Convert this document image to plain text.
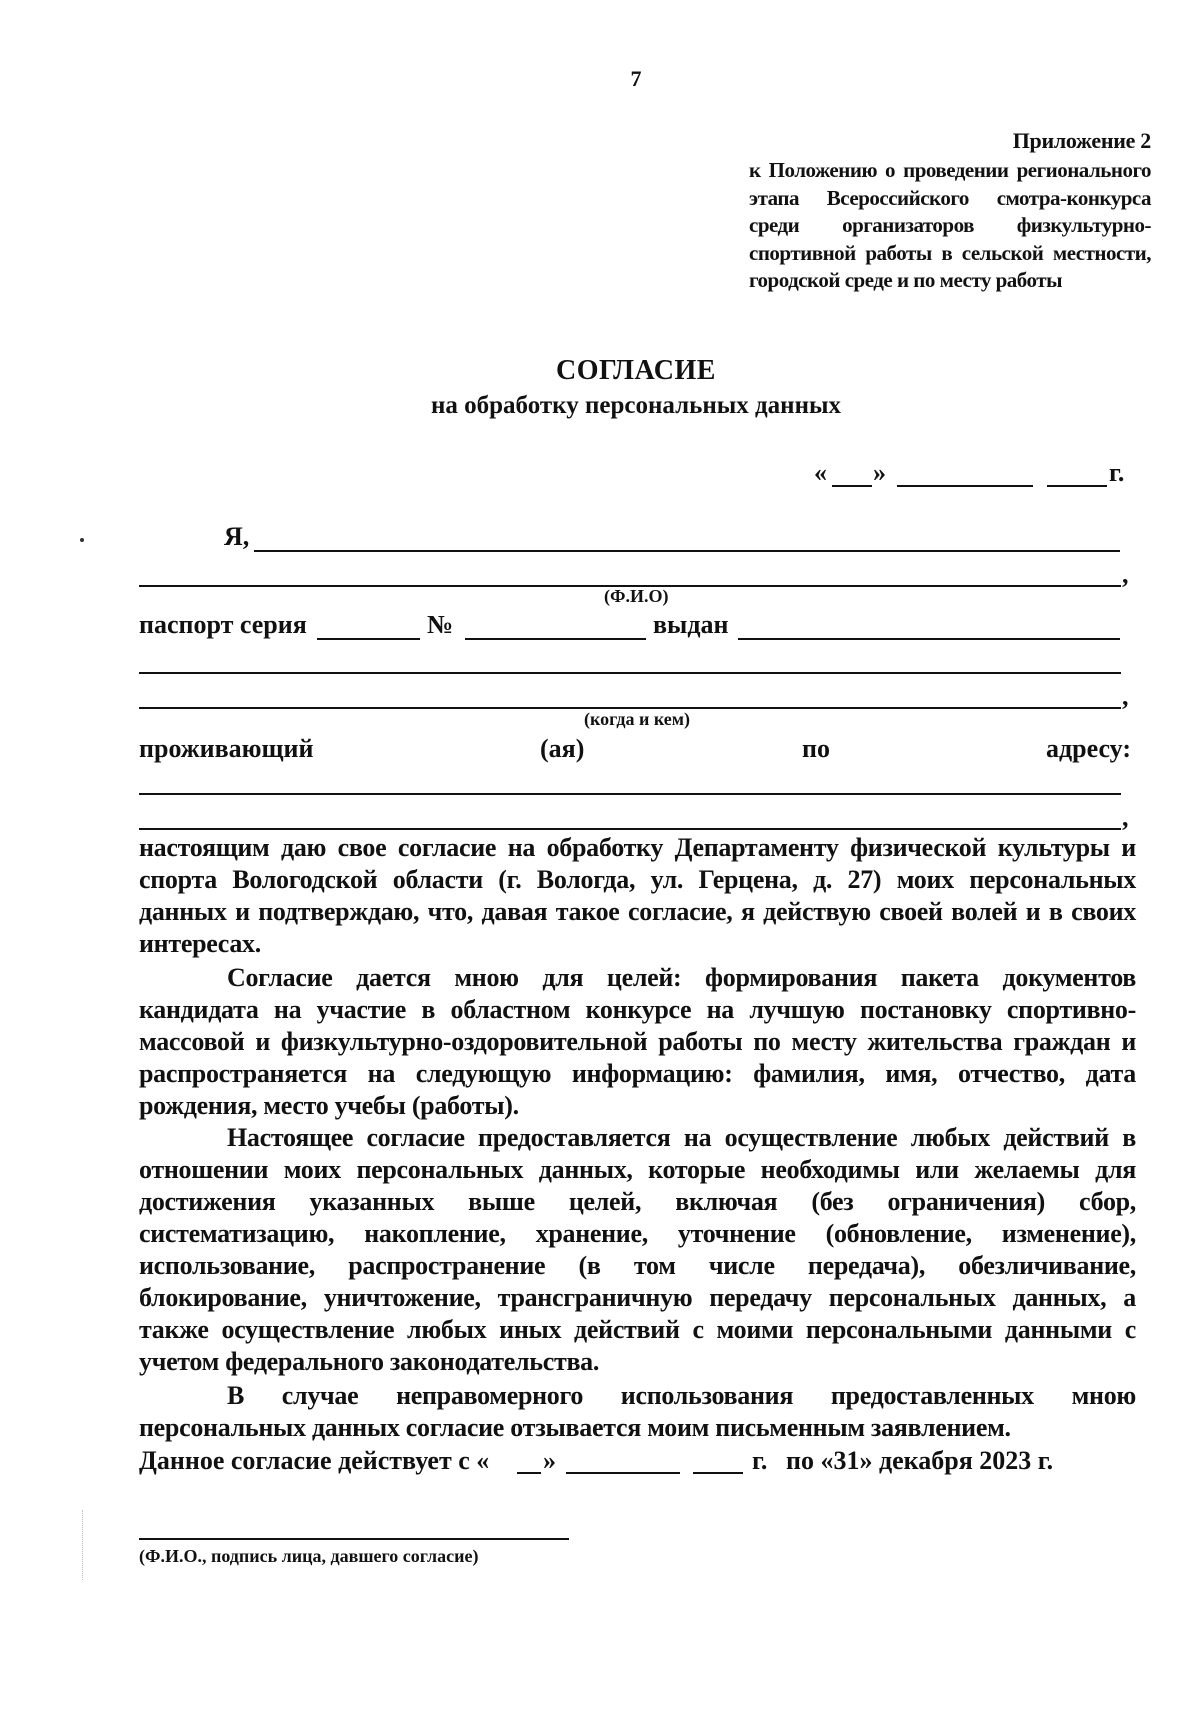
7
Приложение 2
к Положению о проведении регионального этапа Всероссийского смотра-конкурса среди организаторов физкультурно-спортивной работы в сельской местности, городской среде и по месту работы
СОГЛАСИЕ
на обработку персональных данных
« »	г.
Я,
,
(Ф.И.О)
паспорт серия	№	выдан
,
(когда и кем)
проживающий	(ая)	по	адресу:
,
настоящим даю свое согласие на обработку Департаменту физической культуры и спорта Вологодской области (г. Вологда, ул. Герцена, д. 27) моих персональных данных и подтверждаю, что, давая такое согласие, я действую своей волей и в своих интересах.
Согласие дается мною для целей: формирования пакета документов кандидата на участие в областном конкурсе на лучшую постановку спортивно-массовой и физкультурно-оздоровительной работы по месту жительства граждан и распространяется на следующую информацию: фамилия, имя, отчество, дата рождения, место учебы (работы).
Настоящее согласие предоставляется на осуществление любых действий в отношении моих персональных данных, которые необходимы или желаемы для достижения указанных выше целей, включая (без ограничения) сбор, систематизацию, накопление, хранение, уточнение (обновление, изменение), использование, распространение (в том числе передача), обезличивание, блокирование, уничтожение, трансграничную передачу персональных данных, а также осуществление любых иных действий с моими персональными данными с учетом федерального законодательства.
В случае неправомерного использования предоставленных мною персональных данных согласие отзывается моим письменным заявлением.
Данное согласие действует с « »	г. по «31» декабря 2023 г.
(Ф.И.О., подпись лица, давшего согласие)
